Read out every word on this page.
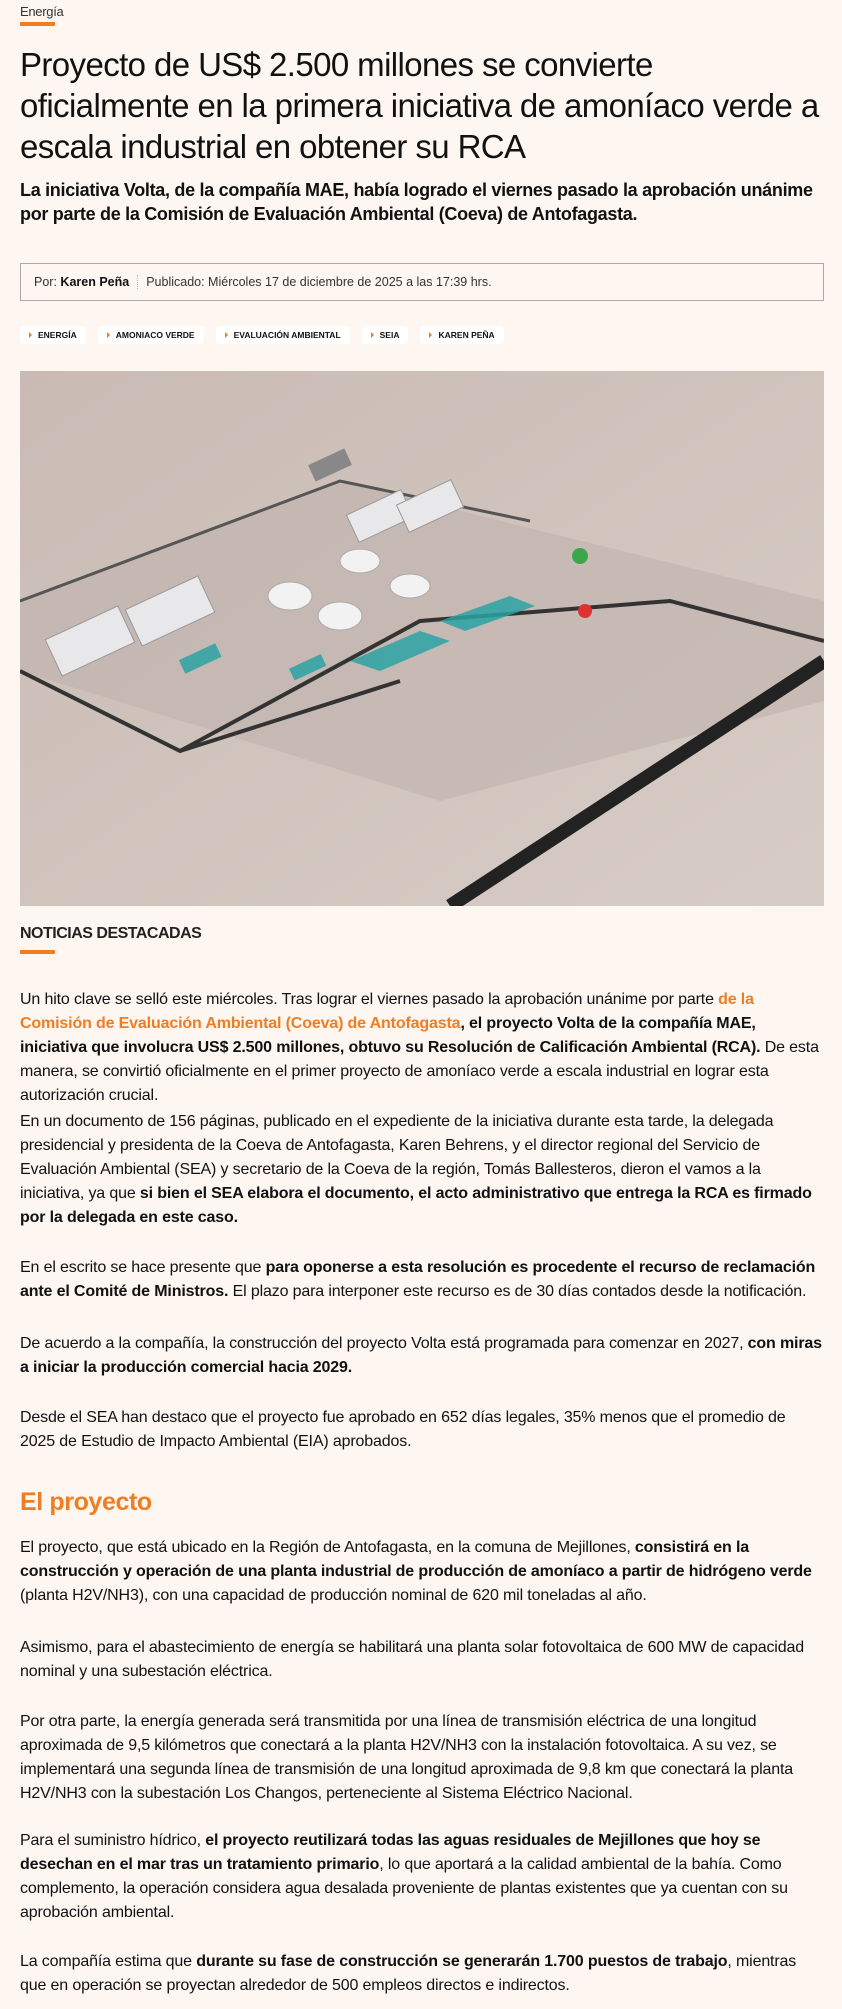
Energía
Proyecto de US$ 2.500 millones se convierte oficialmente en la primera iniciativa de amoníaco verde a escala industrial en obtener su RCA
La iniciativa Volta, de la compañía MAE, había logrado el viernes pasado la aprobación unánime por parte de la Comisión de Evaluación Ambiental (Coeva) de Antofagasta.
Por:
Karen Peña Publicado: Miércoles 17 de diciembre de 2025 a las 17:39 hrs.
ENERGÍA	AMONIACO VERDE	EVALUACIÓN AMBIENTAL	SEIA	KAREN PEÑA
NOTICIAS DESTACADAS

Un hito clave se selló este miércoles. Tras lograr el viernes pasado la aprobación unánime por parte de la Comisión de Evaluación Ambiental (Coeva) de Antofagasta, el proyecto Volta de la compañía MAE, iniciativa que involucra US$ 2.500 millones, obtuvo su Resolución de Calificación Ambiental (RCA). De esta manera, se convirtió oficialmente en el primer proyecto de amoníaco verde a escala industrial en lograr esta autorización crucial.

En un documento de 156 páginas, publicado en el expediente de la iniciativa durante esta tarde, la delegada presidencial y presidenta de la Coeva de Antofagasta, Karen Behrens, y el director regional del Servicio de Evaluación Ambiental (SEA) y secretario de la Coeva de la región, Tomás Ballesteros, dieron el vamos a la iniciativa, ya que si bien el SEA elabora el documento, el acto administrativo que entrega la RCA es firmado por la delegada en este caso.

En el escrito se hace presente que para oponerse a esta resolución es procedente el recurso de reclamación ante el Comité de Ministros. El plazo para interponer este recurso es de 30 días contados desde la notificación.

De acuerdo a la compañía, la construcción del proyecto Volta está programada para comenzar en 2027, con miras a iniciar la producción comercial hacia 2029.

Desde el SEA han destaco que el proyecto fue aprobado en 652 días legales, 35% menos que el promedio de 2025 de Estudio de Impacto Ambiental (EIA) aprobados.

El proyecto

El proyecto, que está ubicado en la Región de Antofagasta, en la comuna de Mejillones, consistirá en la construcción y operación de una planta industrial de producción de amoníaco a partir de hidrógeno verde (planta H2V/NH3), con una capacidad de producción nominal de 620 mil toneladas al año.

Asimismo, para el abastecimiento de energía se habilitará una planta solar fotovoltaica de 600 MW de capacidad nominal y una subestación eléctrica.

Por otra parte, la energía generada será transmitida por una línea de transmisión eléctrica de una longitud aproximada de 9,5 kilómetros que conectará a la planta H2V/NH3 con la instalación fotovoltaica. A su vez, se implementará una segunda línea de transmisión de una longitud aproximada de 9,8 km que conectará la planta H2V/NH3 con la subestación Los Changos, perteneciente al Sistema Eléctrico Nacional.

Para el suministro hídrico, el proyecto reutilizará todas las aguas residuales de Mejillones que hoy se desechan en el mar tras un tratamiento primario, lo que aportará a la calidad ambiental de la bahía. Como complemento, la operación considera agua desalada proveniente de plantas existentes que ya cuentan con su aprobación ambiental.

La compañía estima que durante su fase de construcción se generarán 1.700 puestos de trabajo, mientras que en operación se proyectan alrededor de 500 empleos directos e indirectos.
